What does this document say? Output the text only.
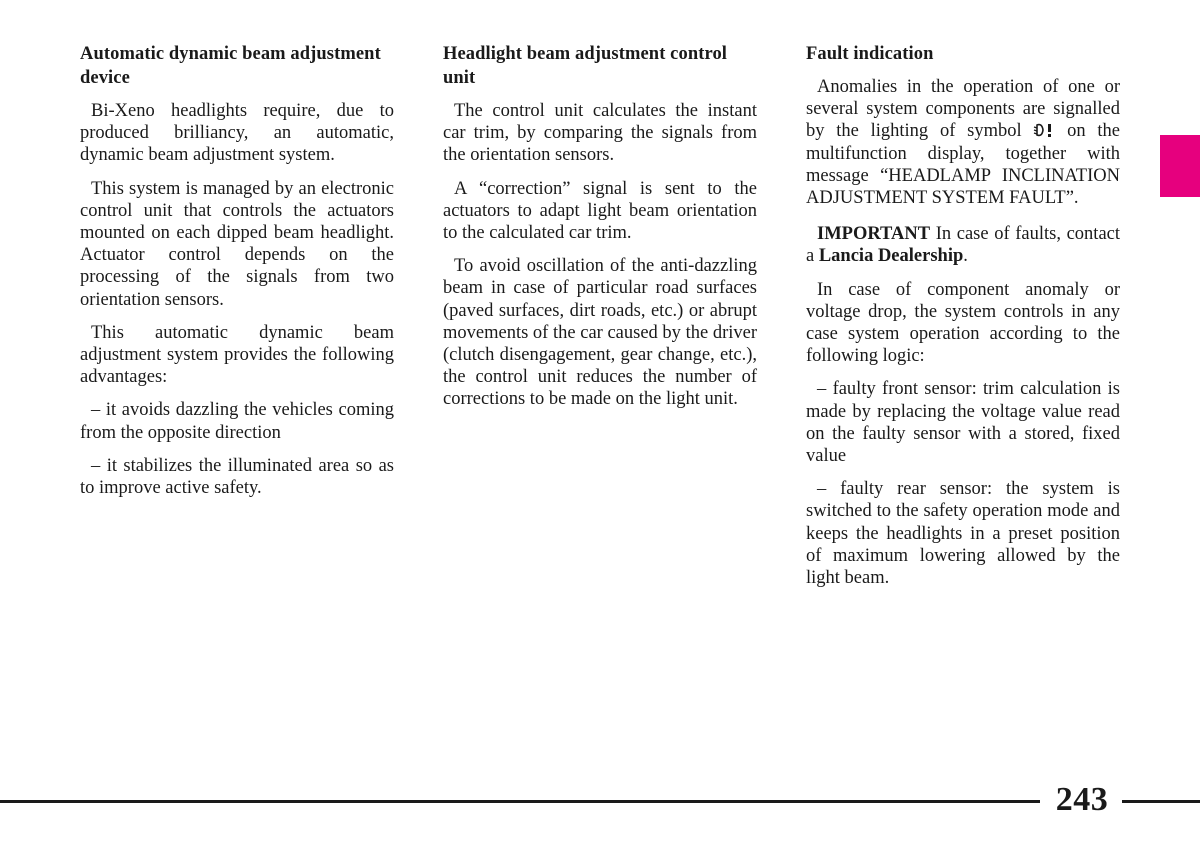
Automatic dynamic beam adjustment device

Bi-Xeno headlights require, due to produced brilliancy, an automatic, dynamic beam adjustment system.

This system is managed by an electronic control unit that controls the actuators mounted on each dipped beam headlight. Actuator control depends on the processing of the signals from two orientation sensors.

This automatic dynamic beam adjustment system provides the following advantages:

– it avoids dazzling the vehicles coming from the opposite direction

– it stabilizes the illuminated area so as to improve active safety.

Headlight beam adjustment control unit

The control unit calculates the instant car trim, by comparing the signals from the orientation sensors.

A “correction” signal is sent to the actuators to adapt light beam orientation to the calculated car trim.

To avoid oscillation of the anti-dazzling beam in case of particular road surfaces (paved surfaces, dirt roads, etc.) or abrupt movements of the car caused by the driver (clutch disengagement, gear change, etc.), the control unit reduces the number of corrections to be made on the light unit.

Fault indication

Anomalies in the operation of one or several system components are signalled by the lighting of symbol on the multifunction display, together with message “HEADLAMP INCLINATION ADJUSTMENT SYSTEM FAULT”.

IMPORTANT In case of faults, contact a Lancia Dealership.

In case of component anomaly or voltage drop, the system controls in any case system operation according to the following logic:

– faulty front sensor: trim calculation is made by replacing the voltage value read on the faulty sensor with a stored, fixed value

– faulty rear sensor: the system is switched to the safety operation mode and keeps the headlights in a preset position of maximum lowering allowed by the light beam.

243
